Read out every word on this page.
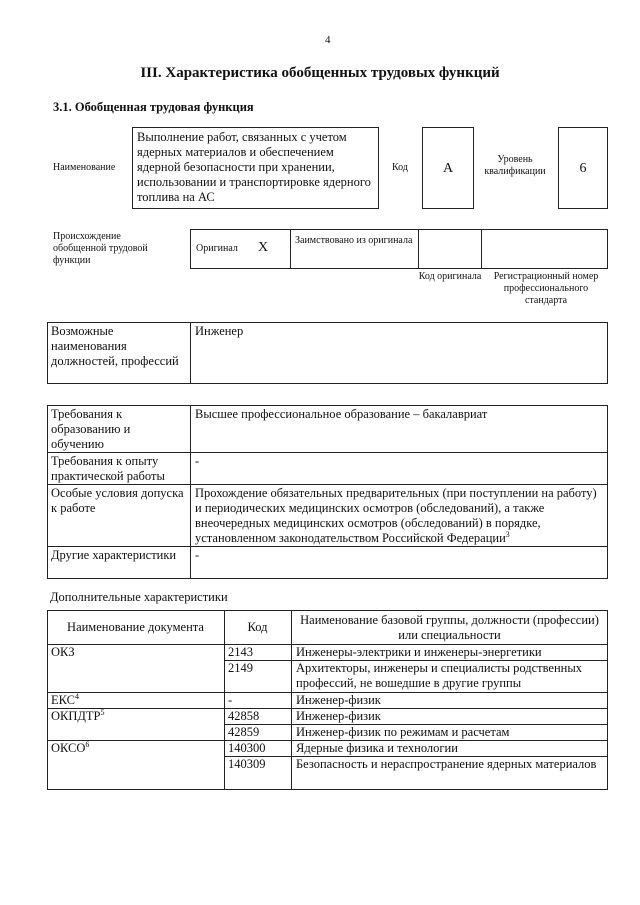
4
III. Характеристика обобщенных трудовых функций
3.1. Обобщенная трудовая функция
Наименование
Выполнение работ, связанных с учетом ядерных материалов и обеспечением ядерной безопасности при хранении, использовании и транспортировке ядерного топлива на АС
Код	A
Уровень квалификации	6
Происхождение обобщенной трудовой функции
Оригинал X	Заимствовано из оригинала
Код оригинала	Регистрационный номер профессионального стандарта
Возможные наименования должностей, профессий
Инженер
Требования к образованию и обучению
Высшее профессиональное образование – бакалавриат
Требования к опыту практической работы
-
Особые условия допуска к работе
Прохождение обязательных предварительных (при поступлении на работу) и периодических медицинских осмотров (обследований), а также внеочередных медицинских осмотров (обследований) в порядке, установленном законодательством Российской Федерации$^3$
Другие характеристики	-
Дополнительные характеристики
Наименование документа	Код	Наименование базовой группы, должности (профессии) или специальности
ОКЗ	2143	Инженеры-электрики и инженеры-энергетики
2149	Архитекторы, инженеры и специалисты родственных профессий, не вошедшие в другие группы
ЕКС$^4$	-	Инженер-физик
ОКПДТР$^5$	42858	Инженер-физик
42859	Инженер-физик по режимам и расчетам
ОКСО$^6$	140300 Ядерные физика и технологии
140309 Безопасность и нераспространение ядерных материалов
